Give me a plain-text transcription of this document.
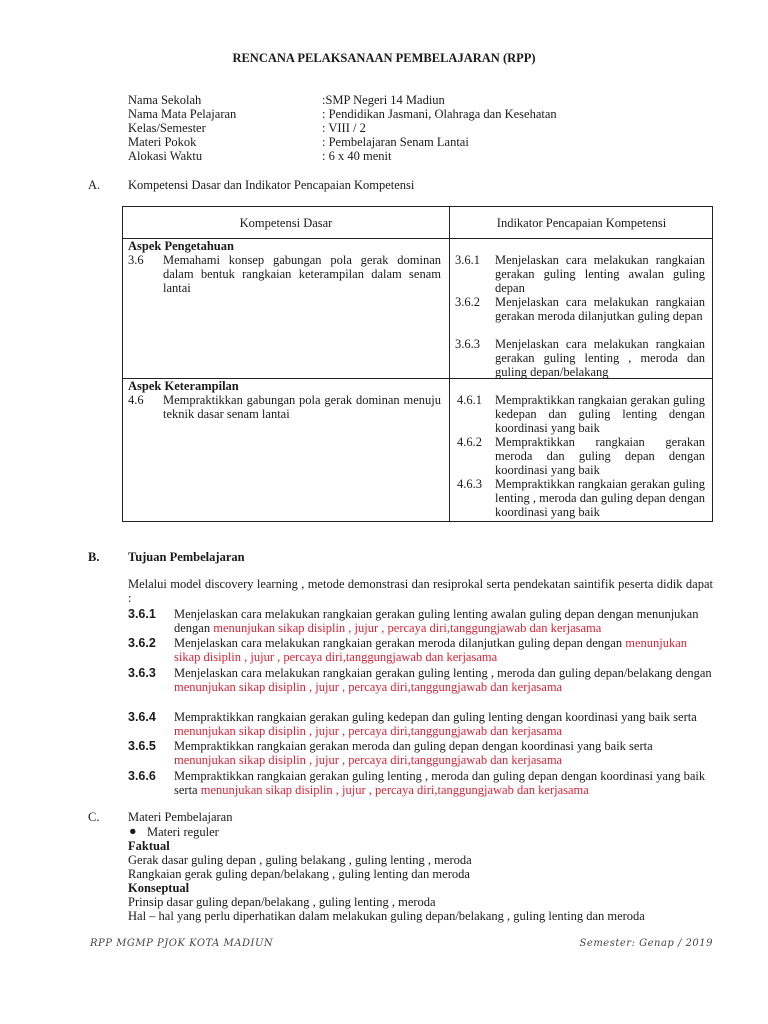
RENCANA PELAKSANAAN PEMBELAJARAN (RPP)
Nama Sekolah	:SMP Negeri 14 Madiun
Nama Mata Pelajaran	: Pendidikan Jasmani, Olahraga dan Kesehatan
Kelas/Semester	: VIII / 2
Materi Pokok	: Pembelajaran Senam Lantai
Alokasi Waktu	: 6 x 40 menit
A. Kompetensi Dasar dan Indikator Pencapaian Kompetensi
Kompetensi Dasar	Indikator Pencapaian Kompetensi
Aspek Pengetahuan
3.6	Memahami konsep gabungan pola gerak dominan dalam bentuk rangkaian keterampilan dalam senam lantai
3.6.1	Menjelaskan cara melakukan rangkaian gerakan guling lenting awalan guling depan
3.6.2	Menjelaskan cara melakukan rangkaian gerakan meroda dilanjutkan guling depan
3.6.3	Menjelaskan cara melakukan rangkaian gerakan guling lenting , meroda dan guling depan/belakang
Aspek Keterampilan
4.6	Mempraktikkan gabungan pola gerak dominan menuju teknik dasar senam lantai
4.6.1	Mempraktikkan rangkaian gerakan guling kedepan dan guling lenting dengan koordinasi yang baik
4.6.2	Mempraktikkan rangkaian gerakan meroda dan guling depan dengan koordinasi yang baik
4.6.3	Mempraktikkan rangkaian gerakan guling lenting , meroda dan guling depan dengan koordinasi yang baik
B. Tujuan Pembelajaran
Melalui model discovery learning , metode demonstrasi dan resiprokal serta pendekatan saintifik peserta didik dapat :
3.6.1	Menjelaskan cara melakukan rangkaian gerakan guling lenting awalan guling depan dengan menunjukan dengan menunjukan sikap disiplin , jujur , percaya diri,tanggungjawab dan kerjasama
3.6.2	Menjelaskan cara melakukan rangkaian gerakan meroda dilanjutkan guling depan dengan menunjukan sikap disiplin , jujur , percaya diri,tanggungjawab dan kerjasama
3.6.3	Menjelaskan cara melakukan rangkaian gerakan guling lenting , meroda dan guling depan/belakang dengan menunjukan sikap disiplin , jujur , percaya diri,tanggungjawab dan kerjasama
3.6.4	Mempraktikkan rangkaian gerakan guling kedepan dan guling lenting dengan koordinasi yang baik serta menunjukan sikap disiplin , jujur , percaya diri,tanggungjawab dan kerjasama
3.6.5	Mempraktikkan rangkaian gerakan meroda dan guling depan dengan koordinasi yang baik serta menunjukan sikap disiplin , jujur , percaya diri,tanggungjawab dan kerjasama
3.6.6	Mempraktikkan rangkaian gerakan guling lenting , meroda dan guling depan dengan koordinasi yang baik serta menunjukan sikap disiplin , jujur , percaya diri,tanggungjawab dan kerjasama
C. Materi Pembelajaran
● Materi reguler
Faktual
Gerak dasar guling depan , guling belakang , guling lenting , meroda
Rangkaian gerak guling depan/belakang , guling lenting dan meroda
Konseptual
Prinsip dasar guling depan/belakang , guling lenting , meroda
Hal – hal yang perlu diperhatikan dalam melakukan guling depan/belakang , guling lenting dan meroda
RPP MGMP PJOK KOTA MADIUN	Semester: Genap / 2019
